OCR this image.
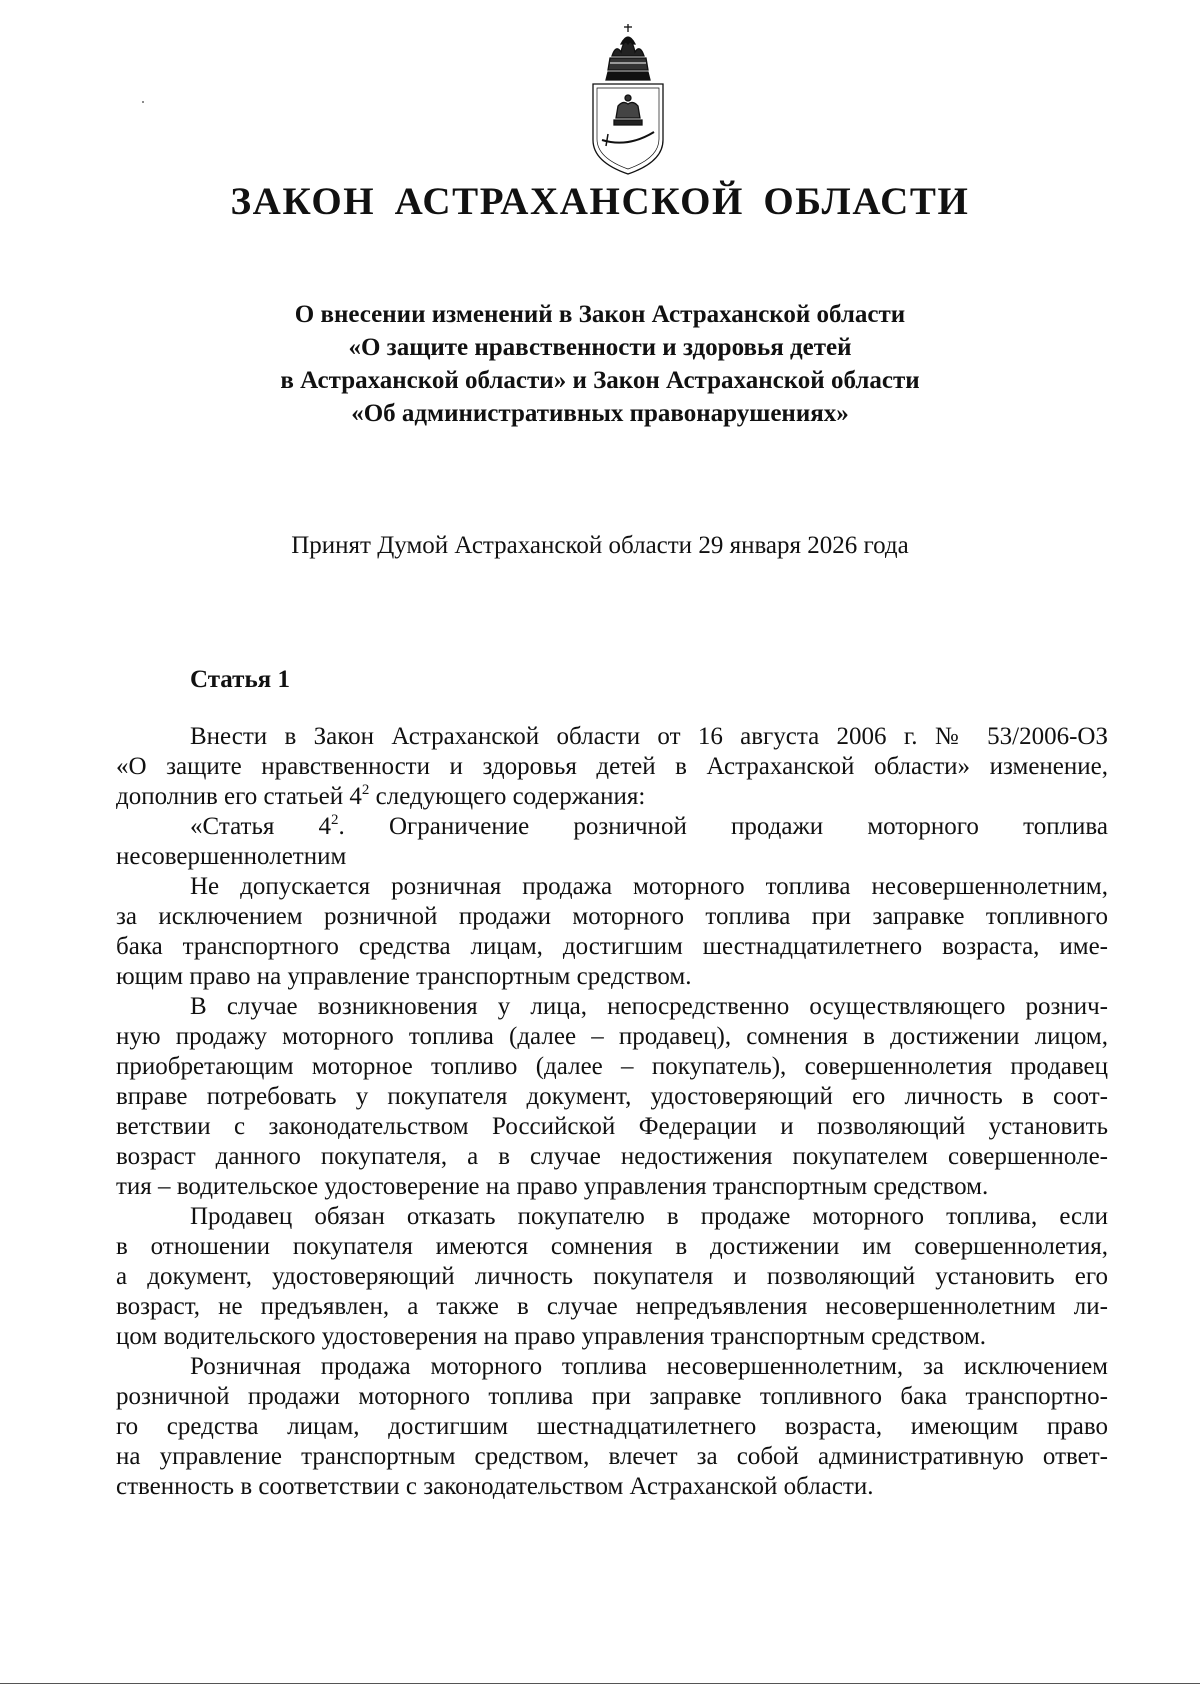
ЗАКОН АСТРАХАНСКОЙ ОБЛАСТИ
О внесении изменений в Закон Астраханской области
«О защите нравственности и здоровья детей
в Астраханской области» и Закон Астраханской области
«Об административных правонарушениях»
Принят Думой Астраханской области 29 января 2026 года
Статья 1
Внести в Закон Астраханской области от 16 августа 2006 г. № 53/2006-ОЗ
«О защите нравственности и здоровья детей в Астраханской области» изменение,
дополнив его статьей $4^2$ следующего содержания:
«Статья $4^2$. Ограничение розничной продажи моторного топлива
несовершеннолетним
Не допускается розничная продажа моторного топлива несовершеннолетним,
за исключением розничной продажи моторного топлива при заправке топливного
бака транспортного средства лицам, достигшим шестнадцатилетнего возраста, име-
ющим право на управление транспортным средством.
В случае возникновения у лица, непосредственно осуществляющего рознич-
ную продажу моторного топлива (далее – продавец), сомнения в достижении лицом,
приобретающим моторное топливо (далее – покупатель), совершеннолетия продавец
вправе потребовать у покупателя документ, удостоверяющий его личность в соот-
ветствии с законодательством Российской Федерации и позволяющий установить
возраст данного покупателя, а в случае недостижения покупателем совершенноле-
тия – водительское удостоверение на право управления транспортным средством.
Продавец обязан отказать покупателю в продаже моторного топлива, если
в отношении покупателя имеются сомнения в достижении им совершеннолетия,
а документ, удостоверяющий личность покупателя и позволяющий установить его
возраст, не предъявлен, а также в случае непредъявления несовершеннолетним ли-
цом водительского удостоверения на право управления транспортным средством.
Розничная продажа моторного топлива несовершеннолетним, за исключением
розничной продажи моторного топлива при заправке топливного бака транспортно-
го средства лицам, достигшим шестнадцатилетнего возраста, имеющим право
на управление транспортным средством, влечет за собой административную ответ-
ственность в соответствии с законодательством Астраханской области.
